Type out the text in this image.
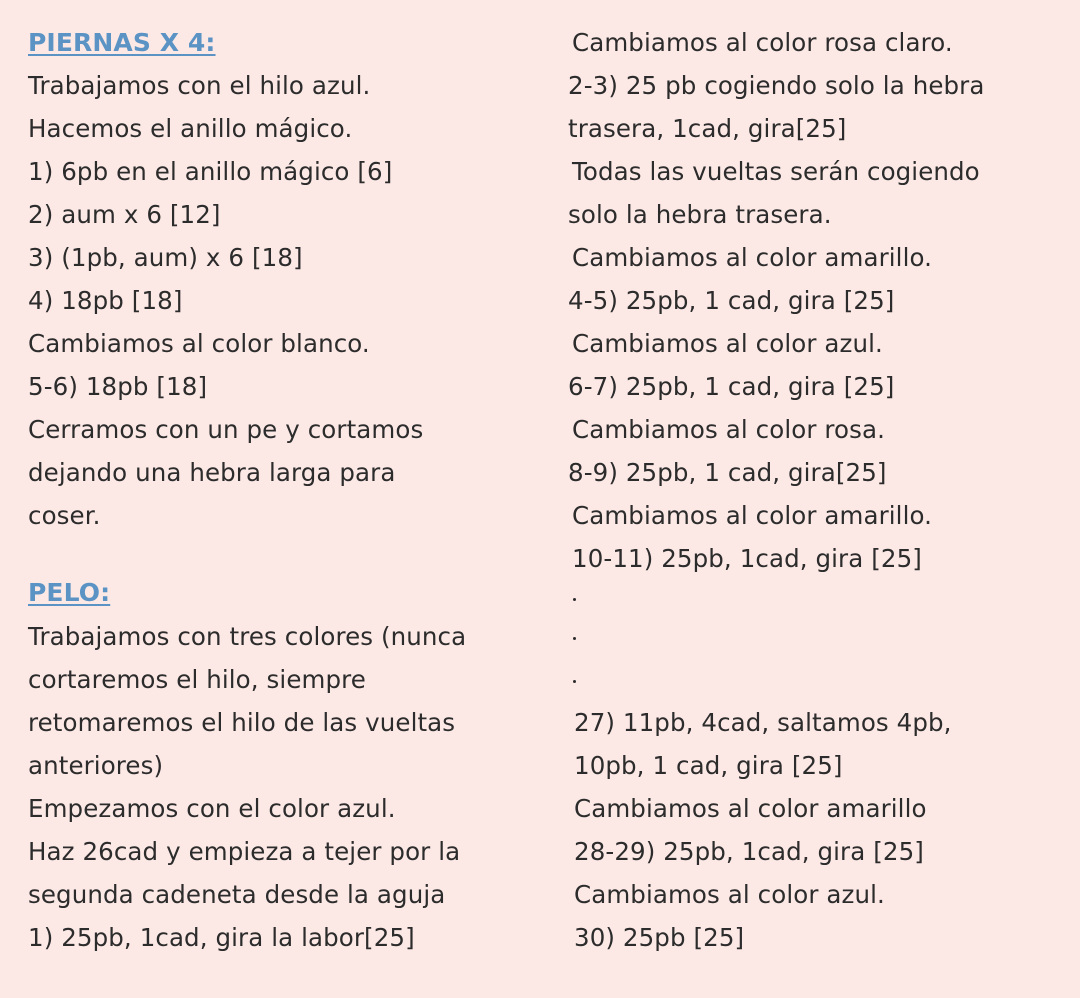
PIERNAS X 4:
Trabajamos con el hilo azul.
Hacemos el anillo mágico.
1) 6pb en el anillo mágico [6]
2) aum x 6 [12]
3) (1pb, aum) x 6 [18]
4) 18pb [18]
Cambiamos al color blanco.
5-6) 18pb [18]
Cerramos con un pe y cortamos
dejando una hebra larga para
coser.
PELO:
Trabajamos con tres colores (nunca
cortaremos el hilo, siempre
retomaremos el hilo de las vueltas
anteriores)
Empezamos con el color azul.
Haz 26cad y empieza a tejer por la
segunda cadeneta desde la aguja
1) 25pb, 1cad, gira la labor[25]
Cambiamos al color rosa claro.
2-3) 25 pb cogiendo solo la hebra
trasera, 1cad, gira[25]
Todas las vueltas serán cogiendo
solo la hebra trasera.
Cambiamos al color amarillo.
4-5) 25pb, 1 cad, gira [25]
Cambiamos al color azul.
6-7) 25pb, 1 cad, gira [25]
Cambiamos al color rosa.
8-9) 25pb, 1 cad, gira[25]
Cambiamos al color amarillo.
10-11) 25pb, 1cad, gira [25]
27) 11pb, 4cad, saltamos 4pb,
10pb, 1 cad, gira [25]
Cambiamos al color amarillo
28-29) 25pb, 1cad, gira [25]
Cambiamos al color azul.
30) 25pb [25]
